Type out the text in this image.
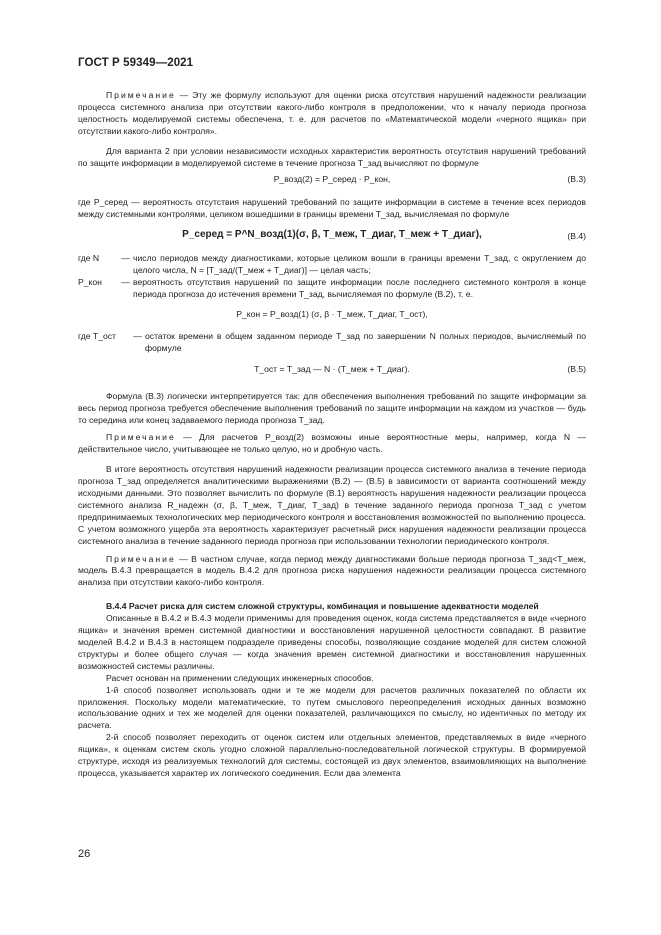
ГОСТ Р 59349—2021

Примечание — Эту же формулу используют для оценки риска отсутствия нарушений надежности реализации процесса системного анализа при отсутствии какого-либо контроля в предположении, что к началу периода прогноза целостность моделируемой системы обеспечена, т. е. для расчетов по «Математической модели «черного ящика» при отсутствии какого-либо контроля».

Для варианта 2 при условии независимости исходных характеристик вероятность отсутствия нарушений требований по защите информации в моделируемой системе в течение прогноза T_зад вычисляют по формуле

P_возд(2) = P_серед · P_кон,	(В.3)

где P_серед — вероятность отсутствия нарушений требований по защите информации в системе в течение всех периодов между системными контролями, целиком вошедшими в границы времени T_зад, вычисляемая по формуле

P_серед = P^N_возд(1)(σ, β, T_меж, T_диаг, T_меж + T_диаг),	(В.4)
где N	— число периодов между диагностиками, которые целиком вошли в границы времени T_зад, с округлением до целого числа, N = [T_зад/(T_меж + T_диаг)] — целая часть;
P_кон	— вероятность отсутствия нарушений по защите информации после последнего системного контроля в конце периода прогноза до истечения времени T_зад, вычисляемая по формуле (В.2), т. е.
P_кон = P_возд(1) (σ, β · T_меж, T_диаг, T_ост),
где T_ост	— остаток времени в общем заданном периоде T_зад по завершении N полных периодов, вычисляемый по формуле
T_ост = T_зад — N · (T_меж + T_диаг).	(В.5)

Формула (В.3) логически интерпретируется так: для обеспечения выполнения требований по защите информации за весь период прогноза требуется обеспечение выполнения требований по защите информации на каждом из участков — будь то середина или конец задаваемого периода прогноза T_зад.

Примечание — Для расчетов P_возд(2) возможны иные вероятностные меры, например, когда N — действительное число, учитывающее не только целую, но и дробную часть.

В итоге вероятность отсутствия нарушений надежности реализации процесса системного анализа в течение периода прогноза T_зад определяется аналитическими выражениями (В.2) — (В.5) в зависимости от варианта соотношений между исходными данными. Это позволяет вычислить по формуле (В.1) вероятность нарушения надежности реализации процесса системного анализа R_надежн (σ, β, T_меж, T_диаг, T_зад) в течение заданного периода прогноза T_зад с учетом предпринимаемых технологических мер периодического контроля и восстановления возможностей по выполнению процесса. С учетом возможного ущерба эта вероятность характеризует расчетный риск нарушения надежности реализации процесса системного анализа в течение заданного периода прогноза при использовании технологии периодического контроля.

Примечание — В частном случае, когда период между диагностиками больше периода прогноза T_зад<T_меж, модель В.4.3 превращается в модель В.4.2 для прогноза риска нарушения надежности реализации процесса системного анализа при отсутствии какого-либо контроля.

В.4.4 Расчет риска для систем сложной структуры, комбинация и повышение адекватности моделей

Описанные в В.4.2 и В.4.3 модели применимы для проведения оценок, когда система представляется в виде «черного ящика» и значения времен системной диагностики и восстановления нарушенной целостности совпадают. В развитие моделей В.4.2 и В.4.3 в настоящем подразделе приведены способы, позволяющие создание моделей для систем сложной структуры и более общего случая — когда значения времен системной диагностики и восстановления нарушенных возможностей системы различны.

Расчет основан на применении следующих инженерных способов.

1-й способ позволяет использовать одни и те же модели для расчетов различных показателей по области их приложения. Поскольку модели математические, то путем смыслового переопределения исходных данных возможно использование одних и тех же моделей для оценки показателей, различающихся по смыслу, но идентичных по методу их расчета.

2-й способ позволяет переходить от оценок систем или отдельных элементов, представляемых в виде «черного ящика», к оценкам систем сколь угодно сложной параллельно-последовательной логической структуры. В формируемой структуре, исходя из реализуемых технологий для системы, состоящей из двух элементов, взаимовлияющих на выполнение процесса, указывается характер их логического соединения. Если два элемента

26
